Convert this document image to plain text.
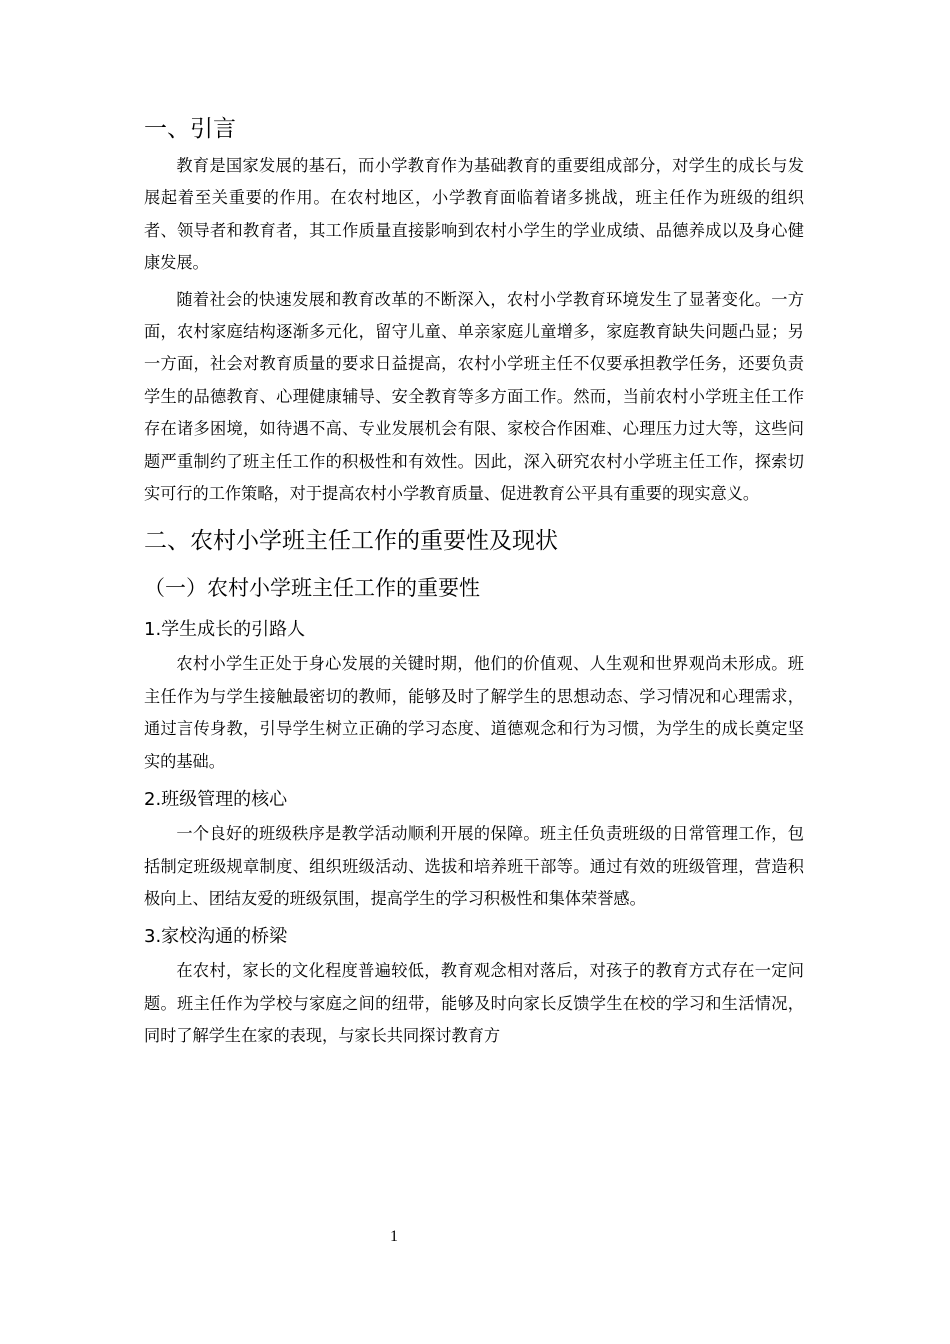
一、引言

教育是国家发展的基石，而小学教育作为基础教育的重要组成部分，对学生的成长与发展起着至关重要的作用。在农村地区，小学教育面临着诸多挑战，班主任作为班级的组织者、领导者和教育者，其工作质量直接影响到农村小学生的学业成绩、品德养成以及身心健康发展。

随着社会的快速发展和教育改革的不断深入，农村小学教育环境发生了显著变化。一方面，农村家庭结构逐渐多元化，留守儿童、单亲家庭儿童增多，家庭教育缺失问题凸显；另一方面，社会对教育质量的要求日益提高，农村小学班主任不仅要承担教学任务，还要负责学生的品德教育、心理健康辅导、安全教育等多方面工作。然而，当前农村小学班主任工作存在诸多困境，如待遇不高、专业发展机会有限、家校合作困难、心理压力过大等，这些问题严重制约了班主任工作的积极性和有效性。因此，深入研究农村小学班主任工作，探索切实可行的工作策略，对于提高农村小学教育质量、促进教育公平具有重要的现实意义。

二、农村小学班主任工作的重要性及现状
（一）农村小学班主任工作的重要性
1.学生成长的引路人

农村小学生正处于身心发展的关键时期，他们的价值观、人生观和世界观尚未形成。班主任作为与学生接触最密切的教师，能够及时了解学生的思想动态、学习情况和心理需求，通过言传身教，引导学生树立正确的学习态度、道德观念和行为习惯，为学生的成长奠定坚实的基础。

2.班级管理的核心

一个良好的班级秩序是教学活动顺利开展的保障。班主任负责班级的日常管理工作，包括制定班级规章制度、组织班级活动、选拔和培养班干部等。通过有效的班级管理，营造积极向上、团结友爱的班级氛围，提高学生的学习积极性和集体荣誉感。

3.家校沟通的桥梁

在农村，家长的文化程度普遍较低，教育观念相对落后，对孩子的教育方式存在一定问题。班主任作为学校与家庭之间的纽带，能够及时向家长反馈学生在校的学习和生活情况，同时了解学生在家的表现，与家长共同探讨教育方

1
